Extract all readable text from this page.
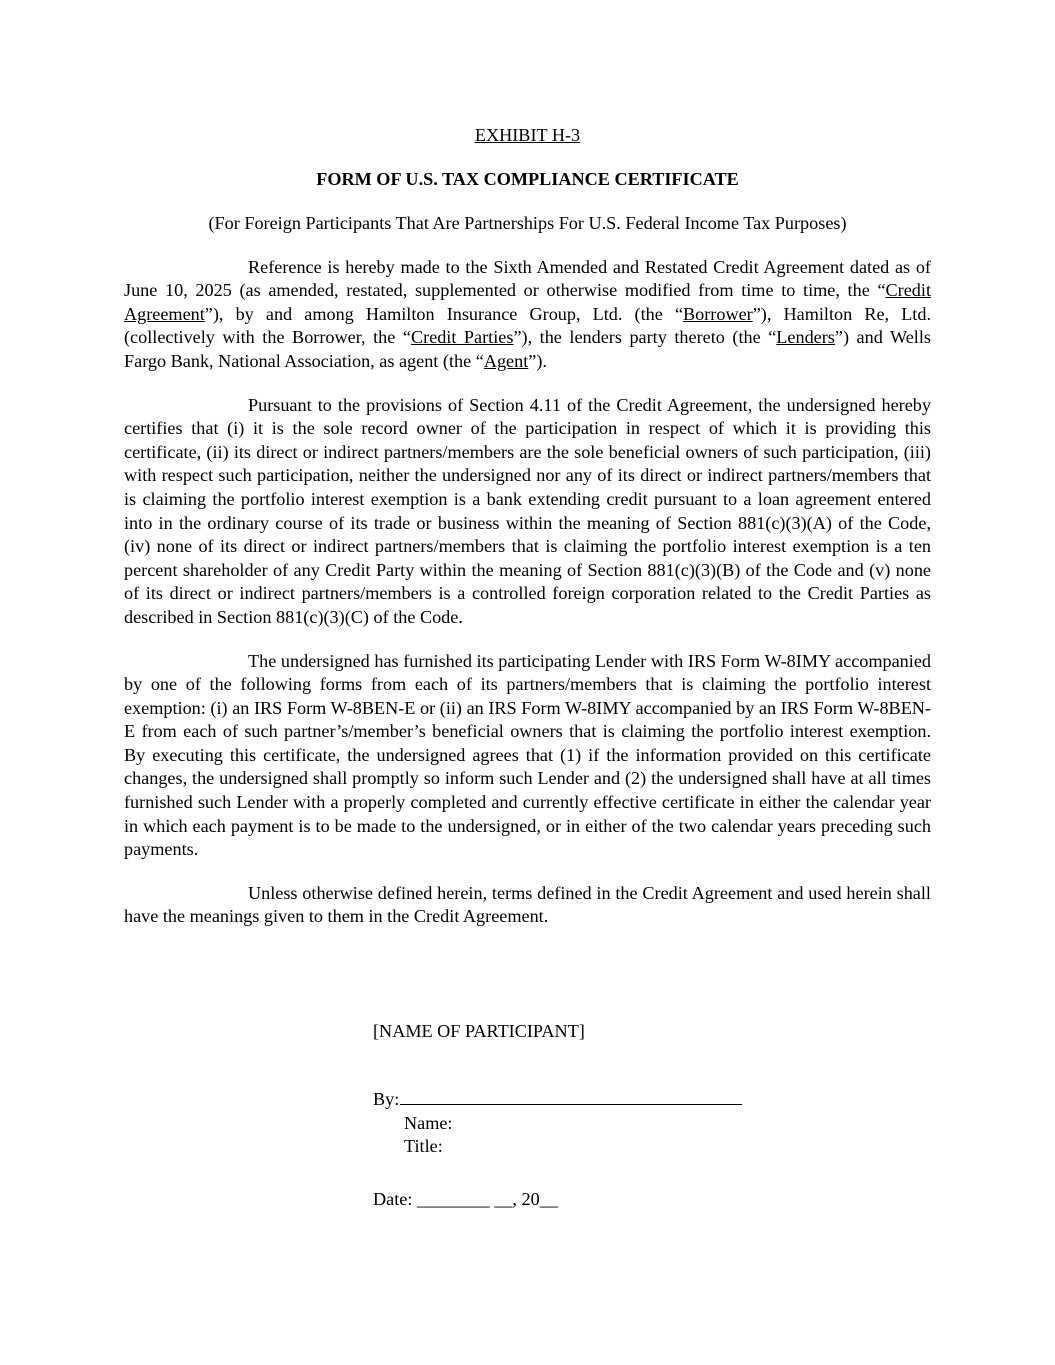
EXHIBIT H-3
FORM OF U.S. TAX COMPLIANCE CERTIFICATE
(For Foreign Participants That Are Partnerships For U.S. Federal Income Tax Purposes)

Reference is hereby made to the Sixth Amended and Restated Credit Agreement dated as of June 10, 2025 (as amended, restated, supplemented or otherwise modified from time to time, the “Credit Agreement”), by and among Hamilton Insurance Group, Ltd. (the “Borrower”), Hamilton Re, Ltd. (collectively with the Borrower, the “Credit Parties”), the lenders party thereto (the “Lenders”) and Wells Fargo Bank, National Association, as agent (the “Agent”).

Pursuant to the provisions of Section 4.11 of the Credit Agreement, the undersigned hereby certifies that (i) it is the sole record owner of the participation in respect of which it is providing this certificate, (ii) its direct or indirect partners/members are the sole beneficial owners of such participation, (iii) with respect such participation, neither the undersigned nor any of its direct or indirect partners/members that is claiming the portfolio interest exemption is a bank extending credit pursuant to a loan agreement entered into in the ordinary course of its trade or business within the meaning of Section 881(c)(3)(A) of the Code, (iv) none of its direct or indirect partners/members that is claiming the portfolio interest exemption is a ten percent shareholder of any Credit Party within the meaning of Section 881(c)(3)(B) of the Code and (v) none of its direct or indirect partners/members is a controlled foreign corporation related to the Credit Parties as described in Section 881(c)(3)(C) of the Code.

The undersigned has furnished its participating Lender with IRS Form W-8IMY accompanied by one of the following forms from each of its partners/members that is claiming the portfolio interest exemption: (i) an IRS Form W-8BEN-E or (ii) an IRS Form W-8IMY accompanied by an IRS Form W-8BEN-E from each of such partner’s/member’s beneficial owners that is claiming the portfolio interest exemption. By executing this certificate, the undersigned agrees that (1) if the information provided on this certificate changes, the undersigned shall promptly so inform such Lender and (2) the undersigned shall have at all times furnished such Lender with a properly completed and currently effective certificate in either the calendar year in which each payment is to be made to the undersigned, or in either of the two calendar years preceding such payments.

Unless otherwise defined herein, terms defined in the Credit Agreement and used herein shall have the meanings given to them in the Credit Agreement.

[NAME OF PARTICIPANT]
By:
Name:
Title:
Date: ________ __, 20__
